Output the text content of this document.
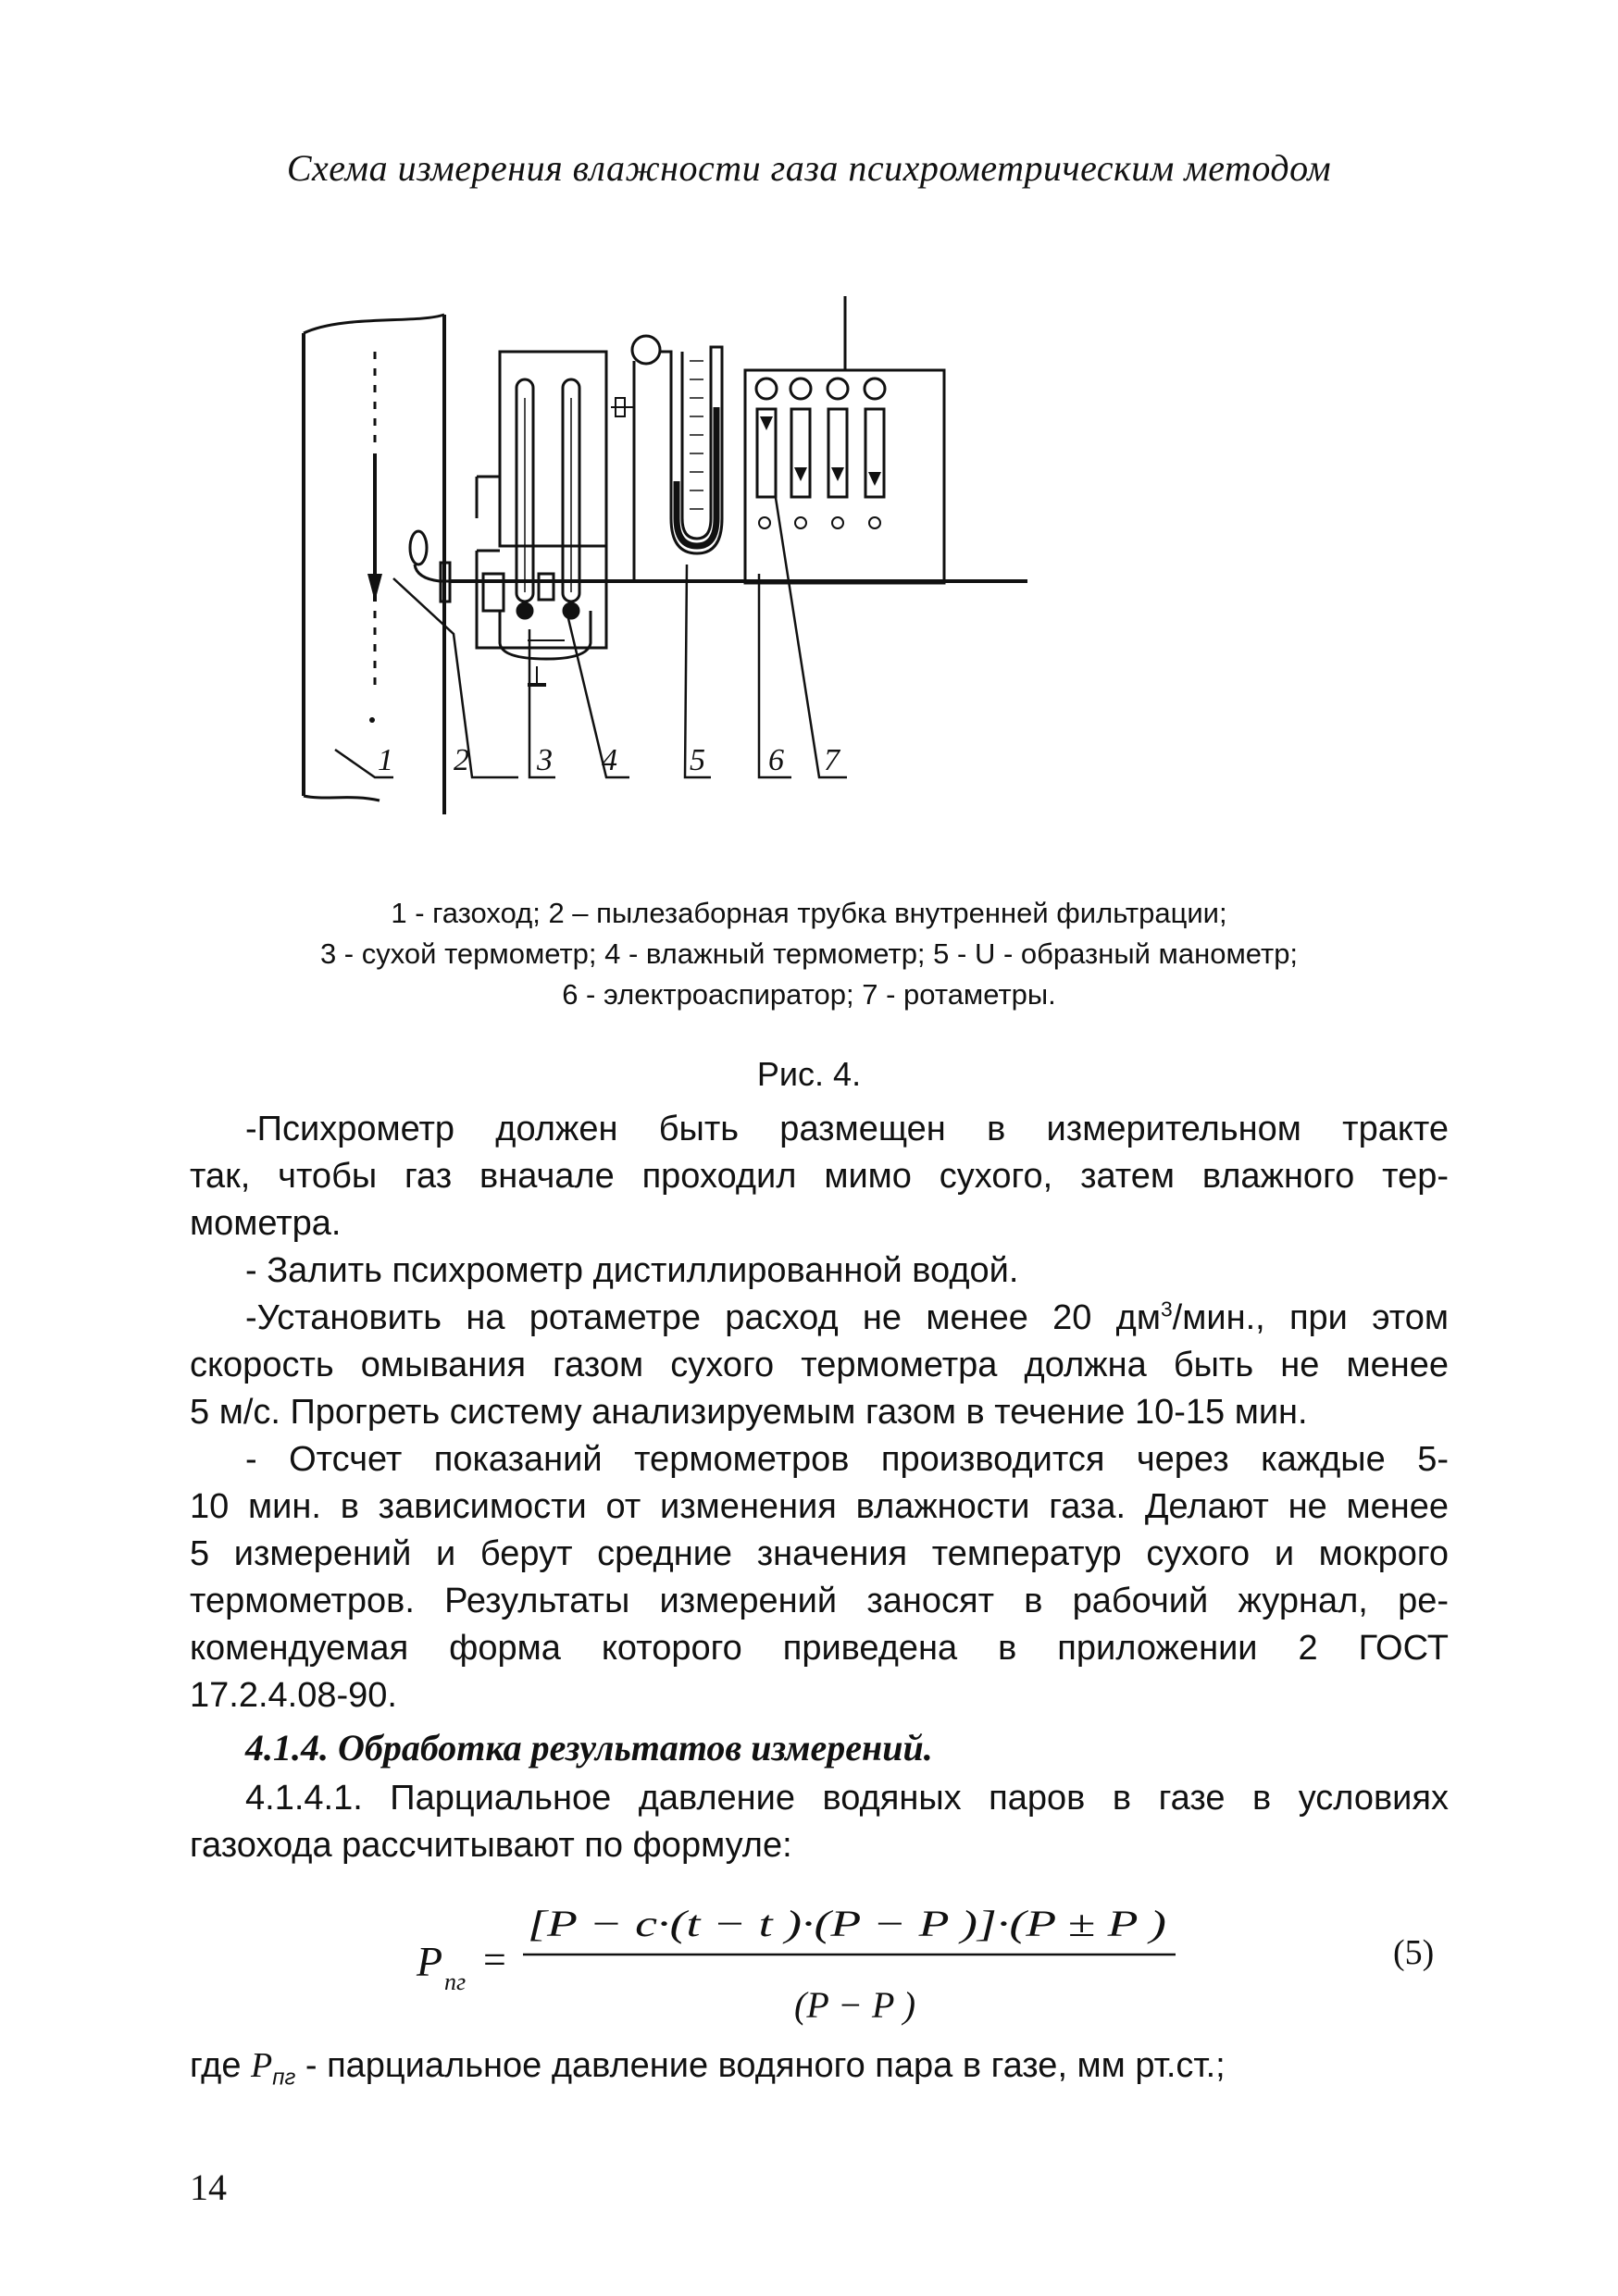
Схема измерения влажности газа психрометрическим методом
1 2 3 4 5 6 7
1 - газоход; 2 – пылезаборная трубка внутренней фильтрации;
3 - сухой термометр; 4 - влажный термометр; 5 - U - образный манометр;
6 - электроаспиратор; 7 - ротаметры.
Рис. 4.
-Психрометр должен быть размещен в измерительном тракте
так, чтобы газ вначале проходил мимо сухого, затем влажного тер-
мометра.
- Залить психрометр дистиллированной водой.
-Установить на ротаметре расход не менее 20 $дм^3$/мин., при этом
скорость омывания газом сухого термометра должна быть не менее
5 м/с. Прогреть систему анализируемым газом в течение 10-15 мин.
- Отсчет показаний термометров производится через каждые 5-
10 мин. в зависимости от изменения влажности газа. Делают не менее
5 измерений и берут средние значения температур сухого и мокрого
термометров. Результаты измерений заносят в рабочий журнал, ре-
комендуемая форма которого приведена в приложении 2 ГОСТ
17.2.4.08-90.
4.1.4. Обработка результатов измерений.
4.1.4.1. Парциальное давление водяных паров в газе в условиях
газохода рассчитывают по формуле:
P пг =
[P − c·(t − t )·(P − P )]·(P ± P )
(P − P )
(5)
где $P_{пг}$ - парциальное давление водяного пара в газе, мм рт.ст.;
14
